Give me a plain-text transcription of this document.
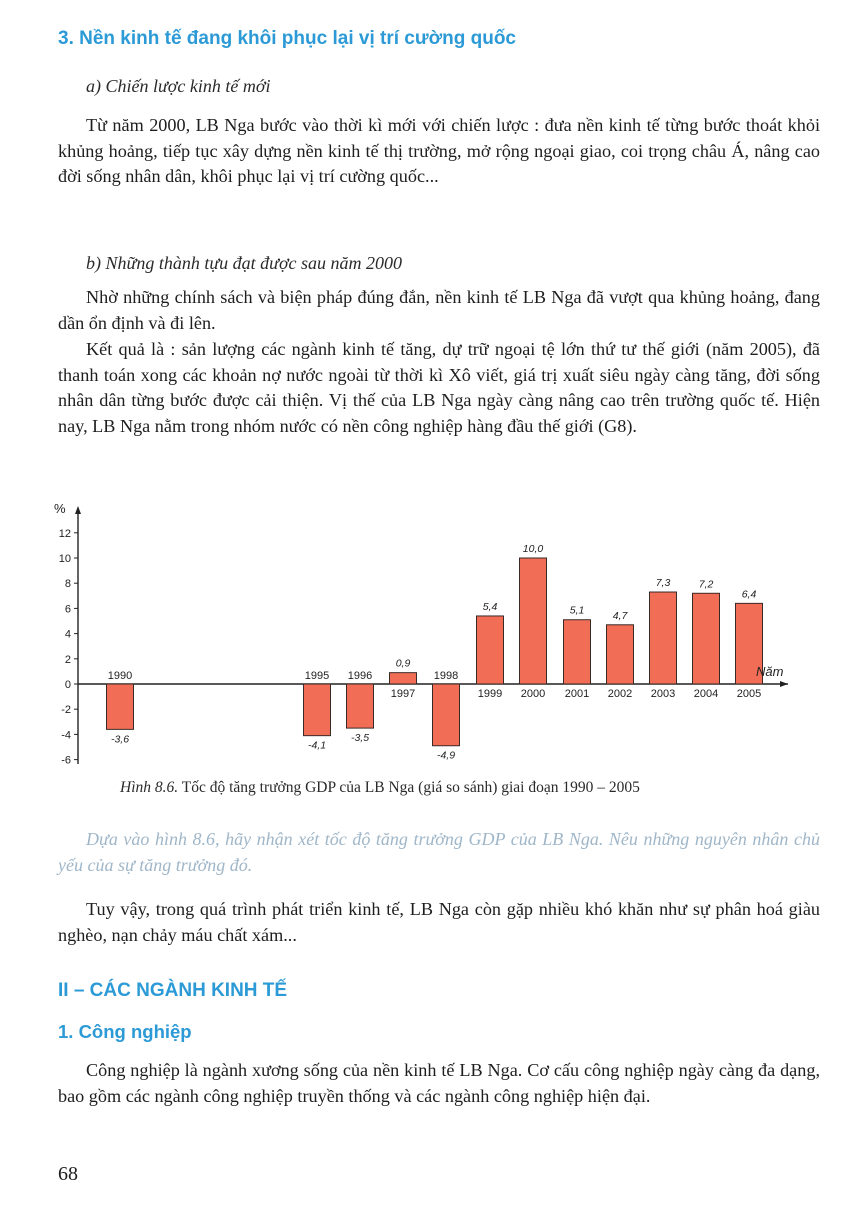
3. Nền kinh tế đang khôi phục lại vị trí cường quốc

a) Chiến lược kinh tế mới

Từ năm 2000, LB Nga bước vào thời kì mới với chiến lược : đưa nền kinh tế từng bước thoát khỏi khủng hoảng, tiếp tục xây dựng nền kinh tế thị trường, mở rộng ngoại giao, coi trọng châu Á, nâng cao đời sống nhân dân, khôi phục lại vị trí cường quốc...

b) Những thành tựu đạt được sau năm 2000

Nhờ những chính sách và biện pháp đúng đắn, nền kinh tế LB Nga đã vượt qua khủng hoảng, đang dần ổn định và đi lên.

Kết quả là : sản lượng các ngành kinh tế tăng, dự trữ ngoại tệ lớn thứ tư thế giới (năm 2005), đã thanh toán xong các khoản nợ nước ngoài từ thời kì Xô viết, giá trị xuất siêu ngày càng tăng, đời sống nhân dân từng bước được cải thiện. Vị thế của LB Nga ngày càng nâng cao trên trường quốc tế. Hiện nay, LB Nga nằm trong nhóm nước có nền công nghiệp hàng đầu thế giới (G8).

12
10
8
6
4
2
0
-2
-4
-6
%
Năm
-3,6
1990
-4,1
1995
-3,5
1996
0,9
1997
-4,9
1998
5,4
1999
10,0
2000
5,1
2001
4,7
2002
7,3
2003
7,2
2004
6,4
2005

Hình 8.6. Tốc độ tăng trưởng GDP của LB Nga (giá so sánh) giai đoạn 1990 – 2005

Dựa vào hình 8.6, hãy nhận xét tốc độ tăng trưởng GDP của LB Nga. Nêu những nguyên nhân chủ yếu của sự tăng trưởng đó.

Tuy vậy, trong quá trình phát triển kinh tế, LB Nga còn gặp nhiều khó khăn như sự phân hoá giàu nghèo, nạn chảy máu chất xám...

II – CÁC NGÀNH KINH TẾ
1. Công nghiệp

Công nghiệp là ngành xương sống của nền kinh tế LB Nga. Cơ cấu công nghiệp ngày càng đa dạng, bao gồm các ngành công nghiệp truyền thống và các ngành công nghiệp hiện đại.

68
